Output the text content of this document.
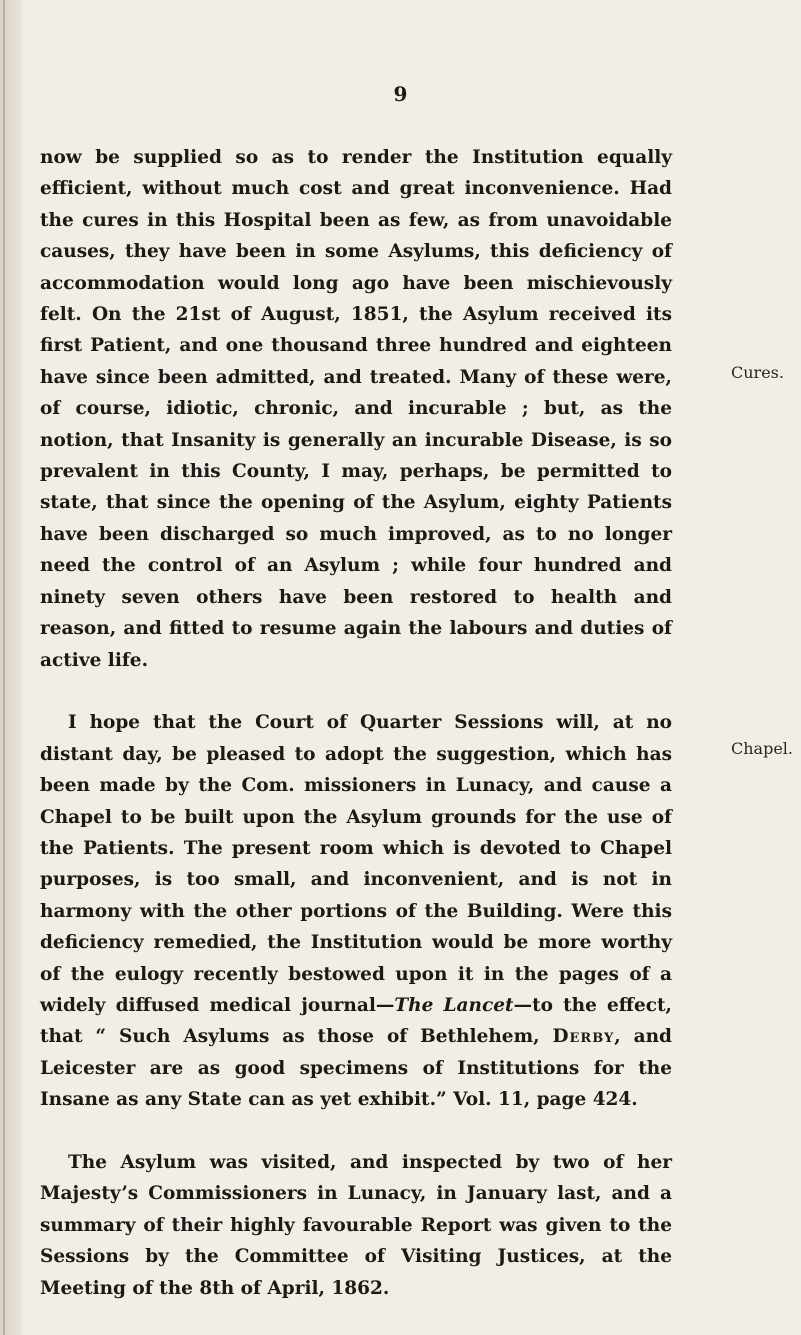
9

now be supplied so as to render the Institution equally efficient, without much cost and great inconvenience. Had the cures in this Hospital been as few, as from unavoidable causes, they have been in some Asylums, this deficiency of accommodation would long ago have been mischievously felt. On the 21st of August, 1851, the Asylum received its first Patient, and one thousand three hundred and eighteen have since been admitted, and treated. Many of these were, of course, idiotic, chronic, and incurable ; but, as the notion, that Insanity is generally an incurable Disease, is so prevalent in this County, I may, perhaps, be permitted to state, that since the opening of the Asylum, eighty Patients have been discharged so much improved, as to no longer need the control of an Asylum ; while four hundred and ninety seven others have been restored to health and reason, and fitted to resume again the labours and duties of active life.

I hope that the Court of Quarter Sessions will, at no distant day, be pleased to adopt the suggestion, which has been made by the Com. missioners in Lunacy, and cause a Chapel to be built upon the Asylum grounds for the use of the Patients. The present room which is devoted to Chapel purposes, is too small, and inconvenient, and is not in harmony with the other portions of the Building. Were this deficiency remedied, the Institution would be more worthy of the eulogy recently bestowed upon it in the pages of a widely diffused medical journal—The Lancet—to the effect, that “ Such Asylums as those of Bethlehem, Derby, and Leicester are as good specimens of Institutions for the Insane as any State can as yet exhibit.” Vol. 11, page 424.

The Asylum was visited, and inspected by two of her Majesty’s Commissioners in Lunacy, in January last, and a summary of their highly favourable Report was given to the Sessions by the Committee of Visiting Justices, at the Meeting of the 8th of April, 1862.

Cures.
Chapel.
